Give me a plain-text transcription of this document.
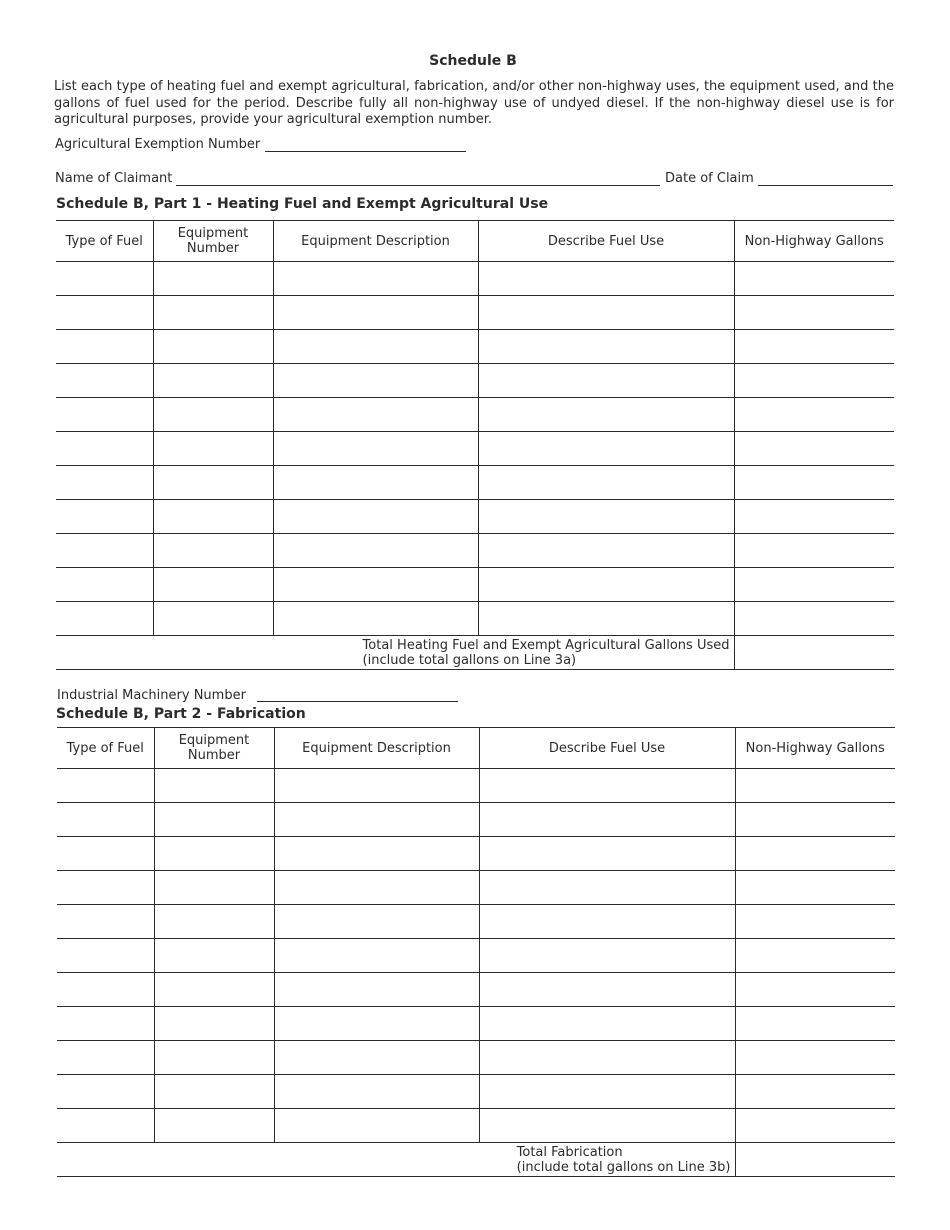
Schedule B
List each type of heating fuel and exempt agricultural, fabrication, and/or other non-highway uses, the equipment used, and the gallons of fuel used for the period. Describe fully all non-highway use of undyed diesel. If the non-highway diesel use is for agricultural purposes, provide your agricultural exemption number.
Agricultural Exemption Number
Name of Claimant	Date of Claim
Schedule B, Part 1 - Heating Fuel and Exempt Agricultural Use
Type of Fuel	Equipment Number	Equipment Description	Describe Fuel Use	Non-Highway Gallons

Total Heating Fuel and Exempt Agricultural Gallons Used
(include total gallons on Line 3a)				

Industrial Machinery Number
Schedule B, Part 2 - Fabrication
Type of Fuel	Equipment Number	Equipment Description	Describe Fuel Use	Non-Highway Gallons

Total Fabrication
(include total gallons on Line 3b)				
